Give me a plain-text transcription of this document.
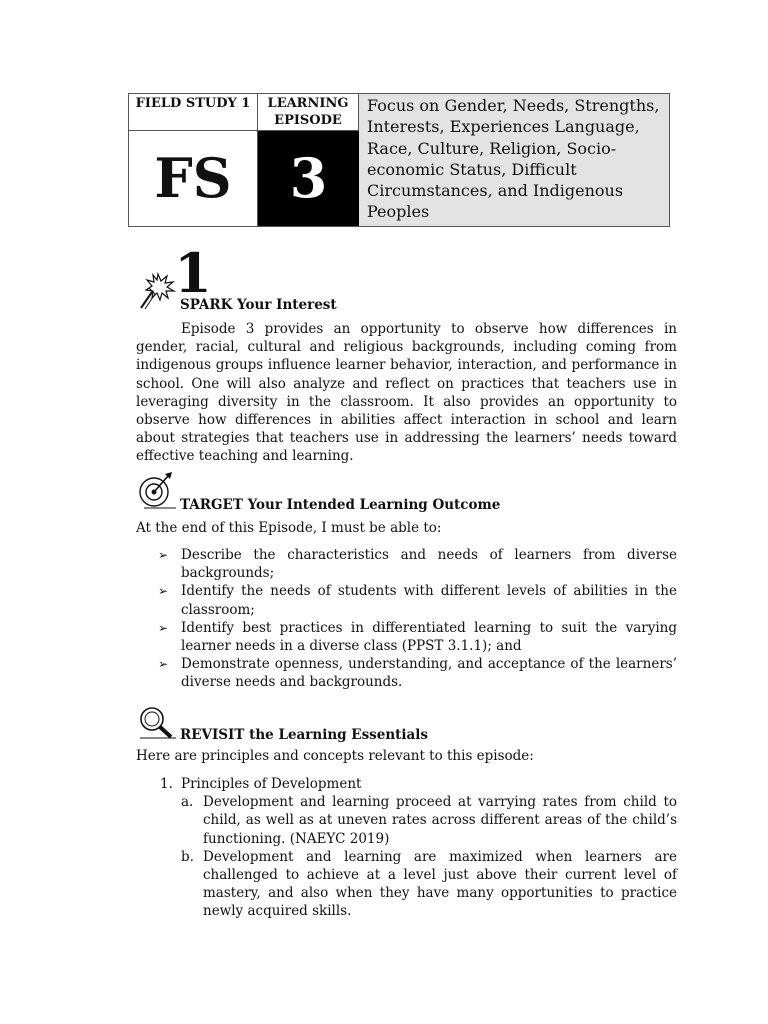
FIELD STUDY 1	LEARNING
EPISODE
FS 1
3
Focus on Gender, Needs, Strengths, Interests, Experiences Language, Race, Culture, Religion, Socio-economic Status, Difficult Circumstances, and Indigenous Peoples
SPARK Your Interest
Episode 3 provides an opportunity to observe how differences in gender, racial, cultural and religious backgrounds, including coming from indigenous groups influence learner behavior, interaction, and performance in school. One will also analyze and reflect on practices that teachers use in leveraging diversity in the classroom. It also provides an opportunity to observe how differences in abilities affect interaction in school and learn about strategies that teachers use in addressing the learners’ needs toward effective teaching and learning.
TARGET Your Intended Learning Outcome
At the end of this Episode, I must be able to:
➢ Describe the characteristics and needs of learners from diverse backgrounds;
➢ Identify the needs of students with different levels of abilities in the classroom;
➢ Identify best practices in differentiated learning to suit the varying learner needs in a diverse class (PPST 3.1.1); and
➢ Demonstrate openness, understanding, and acceptance of the learners’ diverse needs and backgrounds.
REVISIT the Learning Essentials
Here are principles and concepts relevant to this episode:
1. Principles of Development
a. Development and learning proceed at varrying rates from child to child, as well as at uneven rates across different areas of the child’s functioning. (NAEYC 2019)
b. Development and learning are maximized when learners are challenged to achieve at a level just above their current level of mastery, and also when they have many opportunities to practice newly acquired skills.
